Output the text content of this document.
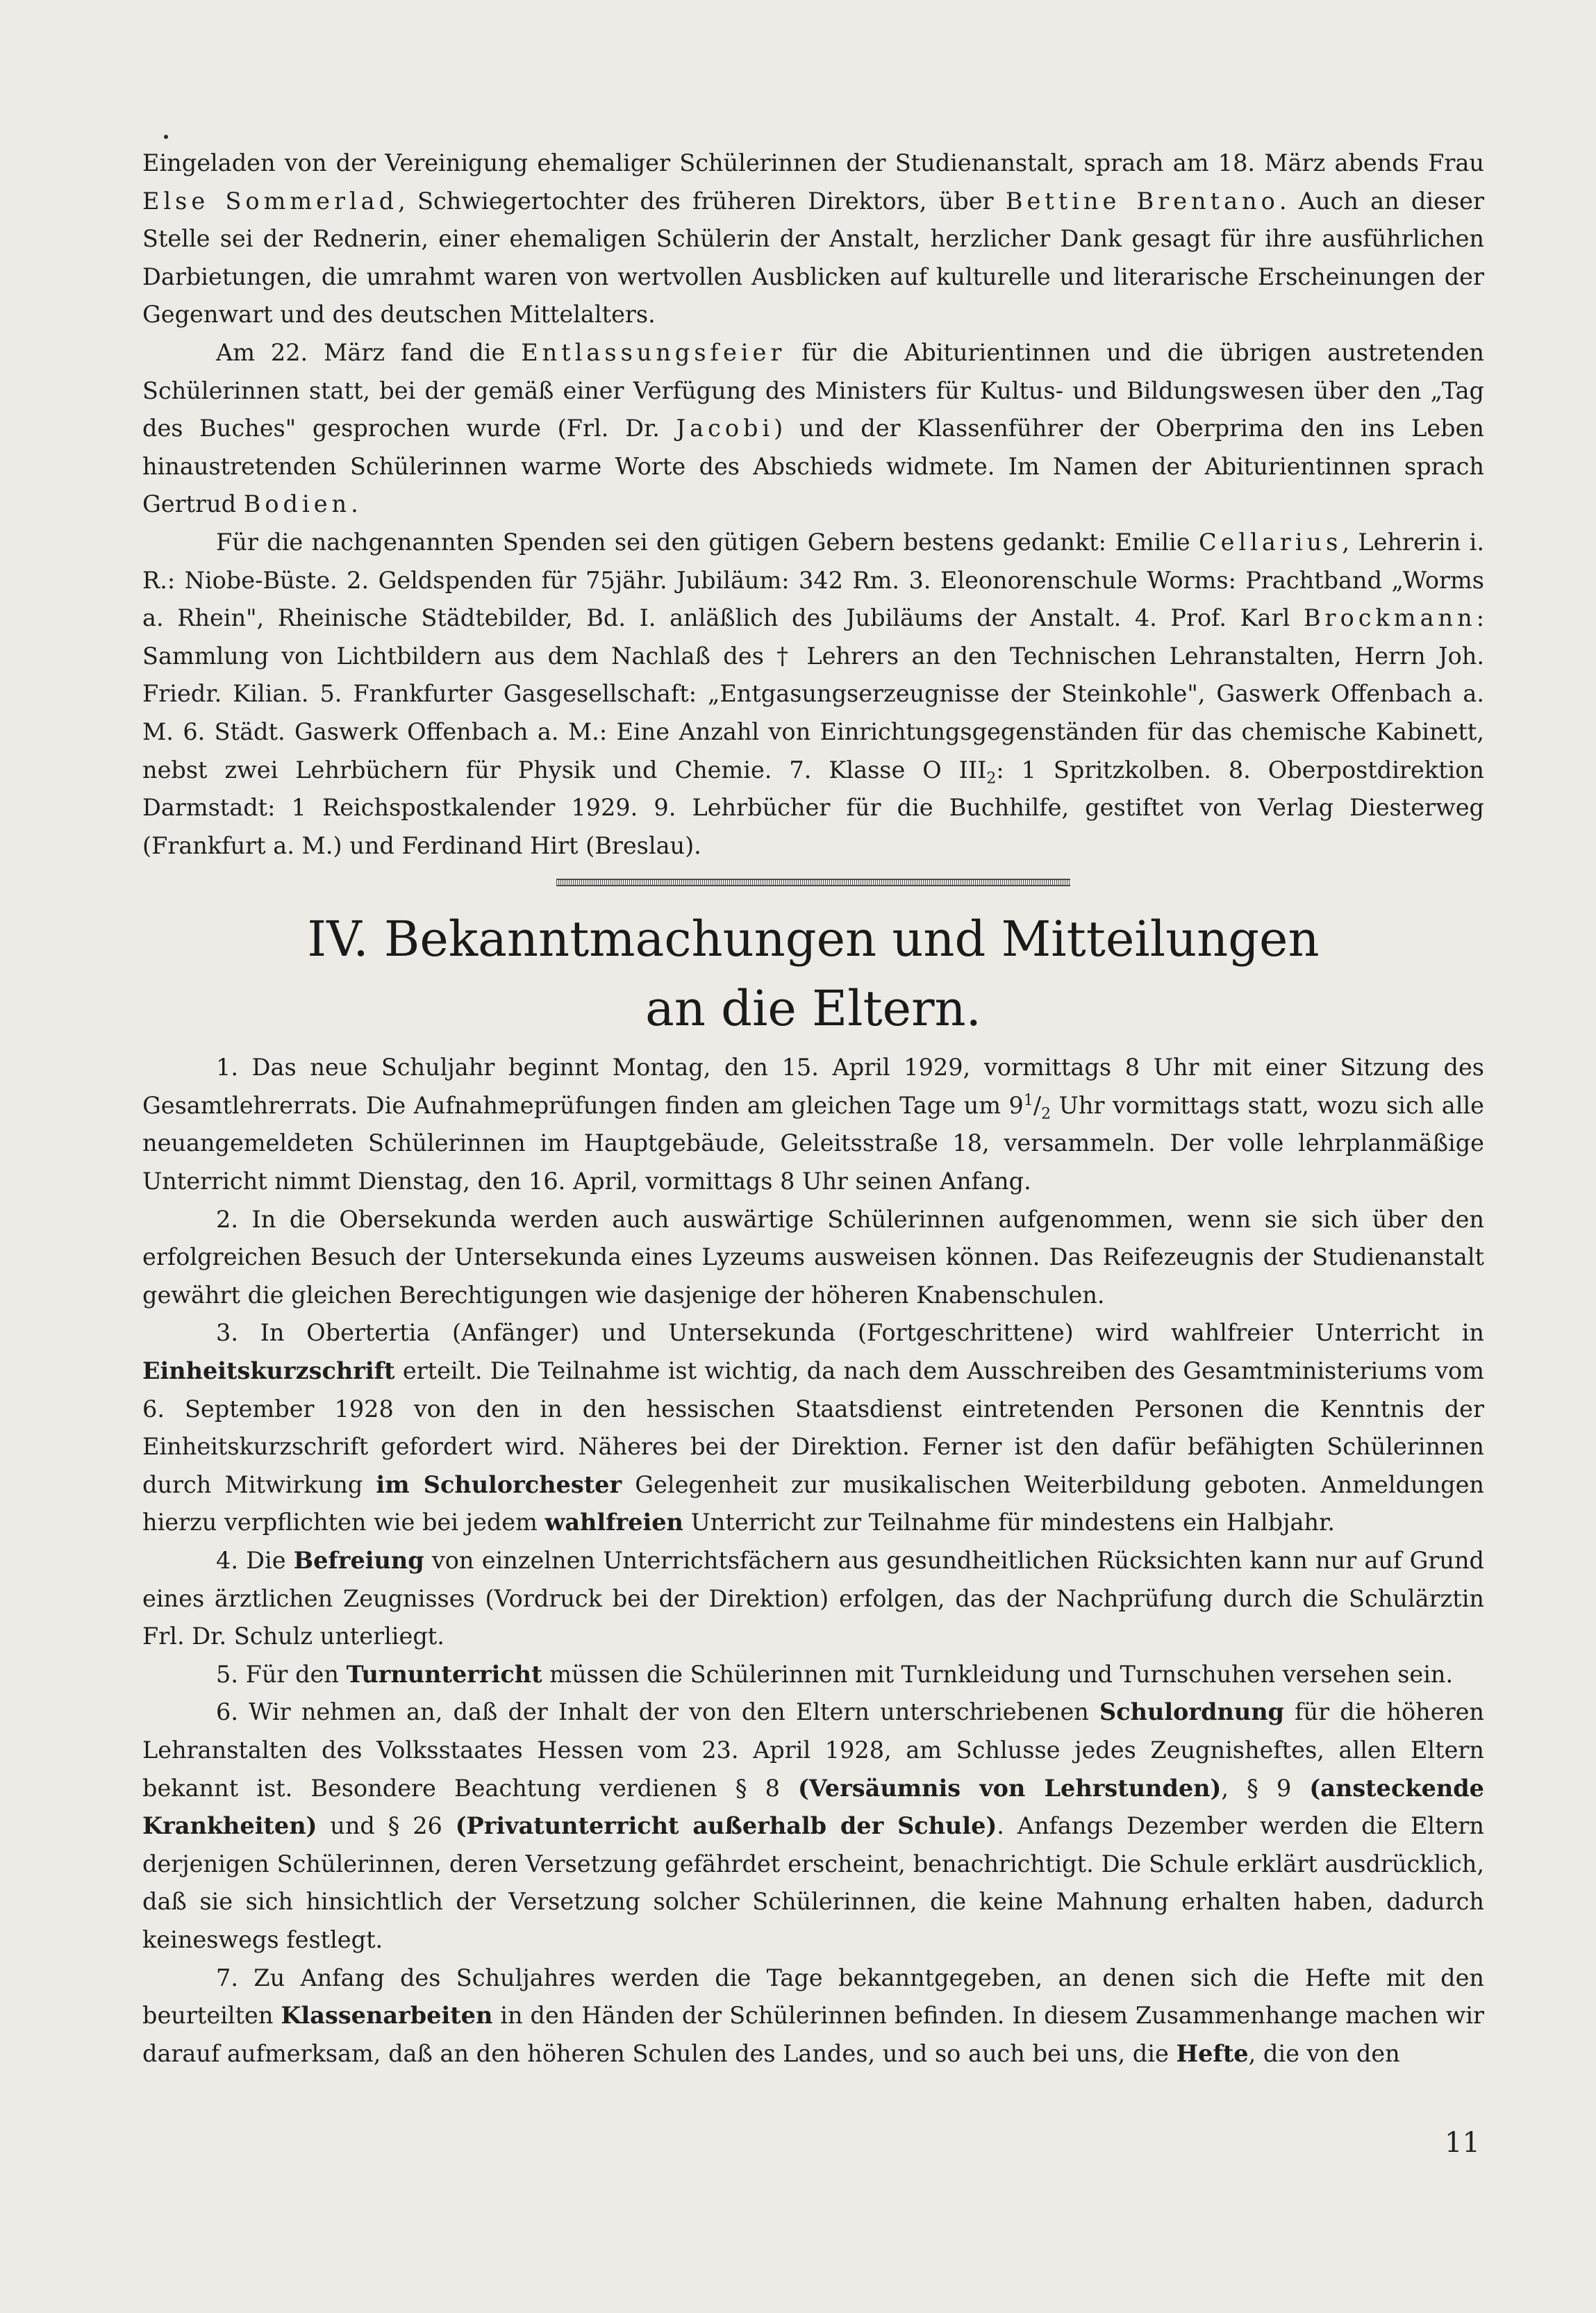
Eingeladen von der Vereinigung ehemaliger Schülerinnen der Studienanstalt, sprach am 18. März abends Frau Else Sommerlad, Schwiegertochter des früheren Direktors, über Bettine Brentano. Auch an dieser Stelle sei der Rednerin, einer ehemaligen Schülerin der Anstalt, herzlicher Dank gesagt für ihre ausführlichen Darbietungen, die umrahmt waren von wertvollen Ausblicken auf kulturelle und literarische Erscheinungen der Gegenwart und des deutschen Mittelalters.

Am 22. März fand die Entlassungsfeier für die Abiturientinnen und die übrigen austretenden Schülerinnen statt, bei der gemäß einer Verfügung des Ministers für Kultus- und Bildungswesen über den „Tag des Buches" gesprochen wurde (Frl. Dr. Jacobi) und der Klassenführer der Oberprima den ins Leben hinaustretenden Schülerinnen warme Worte des Abschieds widmete. Im Namen der Abiturientinnen sprach Gertrud Bodien.

Für die nachgenannten Spenden sei den gütigen Gebern bestens gedankt: Emilie Cellarius, Lehrerin i. R.: Niobe-Büste. 2. Geldspenden für 75jähr. Jubiläum: 342 Rm. 3. Eleonorenschule Worms: Prachtband „Worms a. Rhein", Rheinische Städtebilder, Bd. I. anläßlich des Jubiläums der Anstalt. 4. Prof. Karl Brockmann: Sammlung von Lichtbildern aus dem Nachlaß des † Lehrers an den Technischen Lehranstalten, Herrn Joh. Friedr. Kilian. 5. Frankfurter Gasgesellschaft: „Entgasungserzeugnisse der Steinkohle", Gaswerk Offenbach a. M. 6. Städt. Gaswerk Offenbach a. M.: Eine Anzahl von Einrichtungsgegenständen für das chemische Kabinett, nebst zwei Lehrbüchern für Physik und Chemie. 7. Klasse O $III_2$: 1 Spritzkolben. 8. Oberpostdirektion Darmstadt: 1 Reichspostkalender 1929. 9. Lehrbücher für die Buchhilfe, gestiftet von Verlag Diesterweg (Frankfurt a. M.) und Ferdinand Hirt (Breslau).

IV. Bekanntmachungen und Mitteilungen
an die Eltern.

1. Das neue Schuljahr beginnt Montag, den 15. April 1929, vormittags 8 Uhr mit einer Sitzung des Gesamtlehrerrats. Die Aufnahmeprüfungen finden am gleichen Tage um $9^1/_2$ Uhr vormittags statt, wozu sich alle neuangemeldeten Schülerinnen im Hauptgebäude, Geleitsstraße 18, versammeln. Der volle lehrplanmäßige Unterricht nimmt Dienstag, den 16. April, vormittags 8 Uhr seinen Anfang.

2. In die Obersekunda werden auch auswärtige Schülerinnen aufgenommen, wenn sie sich über den erfolgreichen Besuch der Untersekunda eines Lyzeums ausweisen können. Das Reifezeugnis der Studienanstalt gewährt die gleichen Berechtigungen wie dasjenige der höheren Knabenschulen.

3. In Obertertia (Anfänger) und Untersekunda (Fortgeschrittene) wird wahlfreier Unterricht in Einheitskurzschrift erteilt. Die Teilnahme ist wichtig, da nach dem Ausschreiben des Gesamtministeriums vom 6. September 1928 von den in den hessischen Staatsdienst eintretenden Personen die Kenntnis der Einheitskurzschrift gefordert wird. Näheres bei der Direktion. Ferner ist den dafür befähigten Schülerinnen durch Mitwirkung im Schulorchester Gelegenheit zur musikalischen Weiterbildung geboten. Anmeldungen hierzu verpflichten wie bei jedem wahlfreien Unterricht zur Teilnahme für mindestens ein Halbjahr.

4. Die Befreiung von einzelnen Unterrichtsfächern aus gesundheitlichen Rücksichten kann nur auf Grund eines ärztlichen Zeugnisses (Vordruck bei der Direktion) erfolgen, das der Nachprüfung durch die Schulärztin Frl. Dr. Schulz unterliegt.

5. Für den Turnunterricht müssen die Schülerinnen mit Turnkleidung und Turnschuhen versehen sein.

6. Wir nehmen an, daß der Inhalt der von den Eltern unterschriebenen Schulordnung für die höheren Lehranstalten des Volksstaates Hessen vom 23. April 1928, am Schlusse jedes Zeugnisheftes, allen Eltern bekannt ist. Besondere Beachtung verdienen § 8 (Versäumnis von Lehrstunden), § 9 (ansteckende Krankheiten) und § 26 (Privatunterricht außerhalb der Schule). Anfangs Dezember werden die Eltern derjenigen Schülerinnen, deren Versetzung gefährdet erscheint, benachrichtigt. Die Schule erklärt ausdrücklich, daß sie sich hinsichtlich der Versetzung solcher Schülerinnen, die keine Mahnung erhalten haben, dadurch keineswegs festlegt.

7. Zu Anfang des Schuljahres werden die Tage bekanntgegeben, an denen sich die Hefte mit den beurteilten Klassenarbeiten in den Händen der Schülerinnen befinden. In diesem Zusammenhange machen wir darauf aufmerksam, daß an den höheren Schulen des Landes, und so auch bei uns, die Hefte, die von den

11
